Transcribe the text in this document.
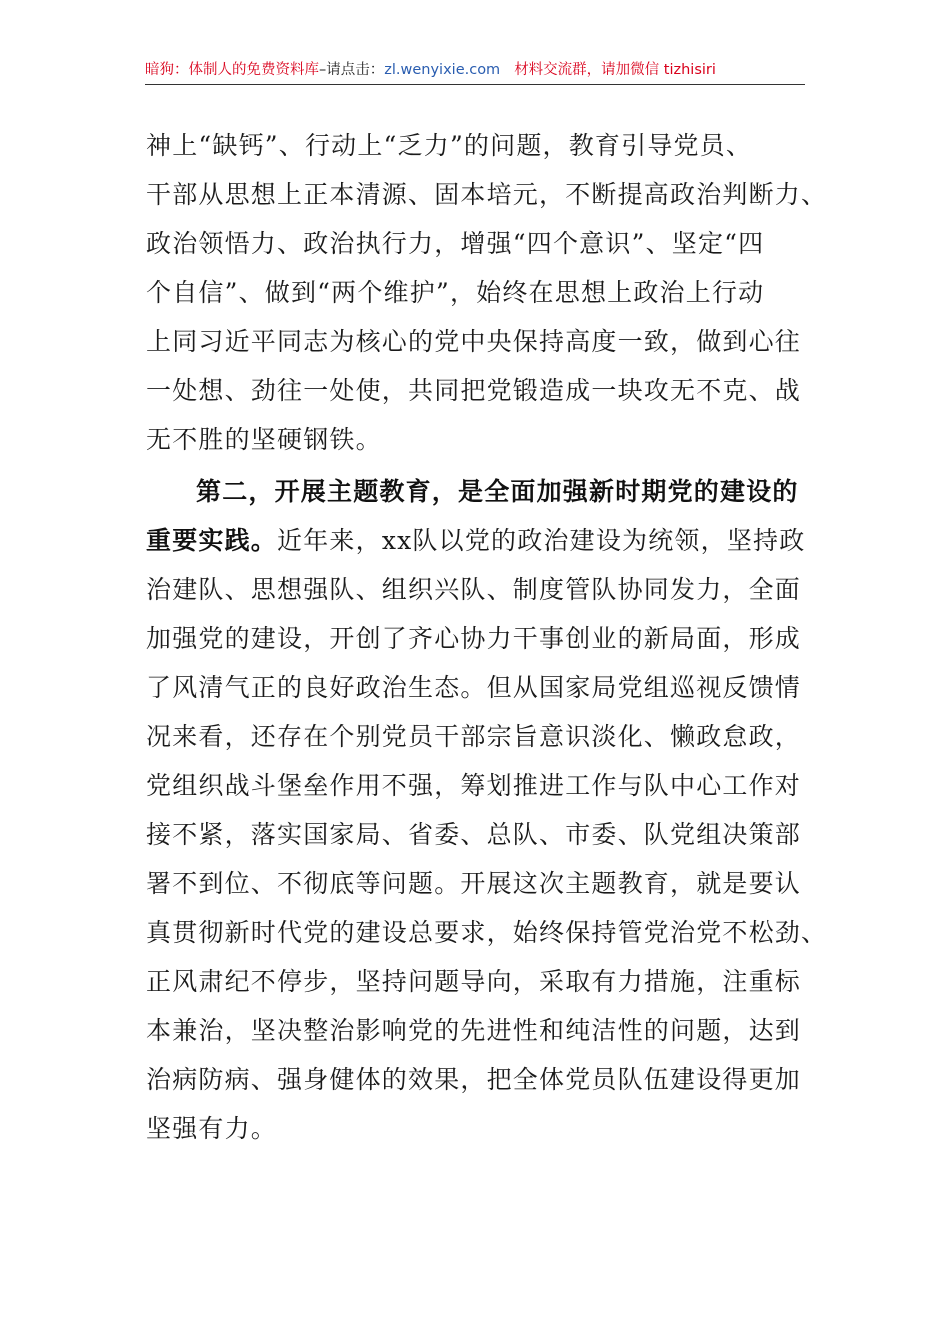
暗狗：体制人的免费资料库–请点击：zl.wenyixie.com 材料交流群，请加微信 tizhisiri
神上“缺钙”、行动上“乏力”的问题，教育引导党员、
干部从思想上正本清源、固本培元，不断提高政治判断力、
政治领悟力、政治执行力，增强“四个意识”、坚定“四
个自信”、做到“两个维护”，始终在思想上政治上行动
上同习近平同志为核心的党中央保持高度一致，做到心往
一处想、劲往一处使，共同把党锻造成一块攻无不克、战
无不胜的坚硬钢铁。
第二，开展主题教育，是全面加强新时期党的建设的
重要实践。近年来，xx队以党的政治建设为统领，坚持政
治建队、思想强队、组织兴队、制度管队协同发力，全面
加强党的建设，开创了齐心协力干事创业的新局面，形成
了风清气正的良好政治生态。但从国家局党组巡视反馈情
况来看，还存在个别党员干部宗旨意识淡化、懒政怠政，
党组织战斗堡垒作用不强，筹划推进工作与队中心工作对
接不紧，落实国家局、省委、总队、市委、队党组决策部
署不到位、不彻底等问题。开展这次主题教育，就是要认
真贯彻新时代党的建设总要求，始终保持管党治党不松劲、
正风肃纪不停步，坚持问题导向，采取有力措施，注重标
本兼治，坚决整治影响党的先进性和纯洁性的问题，达到
治病防病、强身健体的效果，把全体党员队伍建设得更加
坚强有力。
